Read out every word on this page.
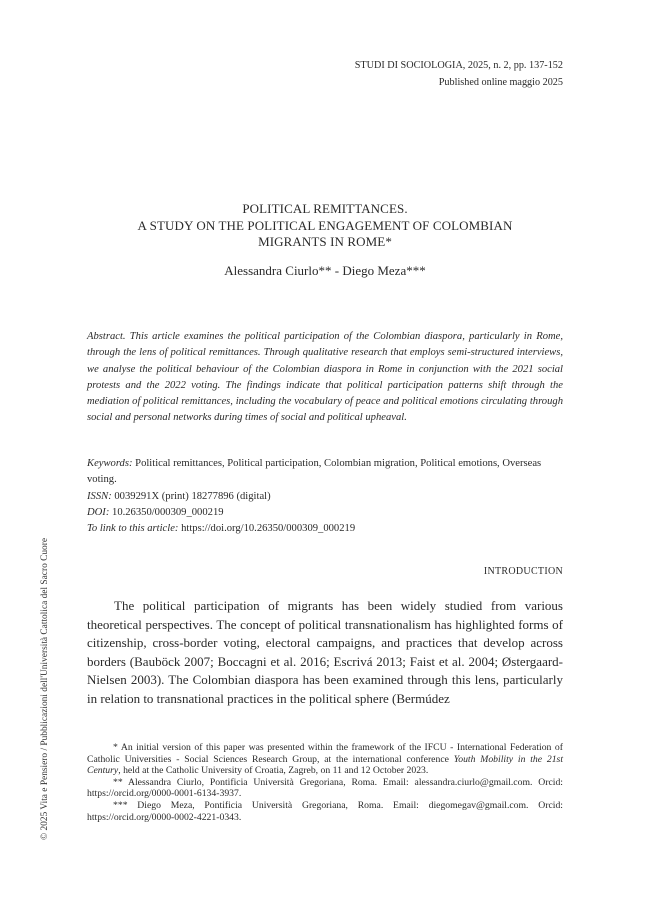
STUDI DI SOCIOLOGIA, 2025, n. 2, pp. 137-152
Published online maggio 2025
POLITICAL REMITTANCES.
A STUDY ON THE POLITICAL ENGAGEMENT OF COLOMBIAN
MIGRANTS IN ROME*
Alessandra Ciurlo** - Diego Meza***
Abstract. This article examines the political participation of the Colombian diaspora, particularly in Rome, through the lens of political remittances. Through qualitative research that employs semi-structured interviews, we analyse the political behaviour of the Colombian diaspora in Rome in conjunction with the 2021 social protests and the 2022 voting. The findings indicate that political participation patterns shift through the mediation of political remittances, including the vocabulary of peace and political emotions circulating through social and personal networks during times of social and political upheaval.
Keywords: Political remittances, Political participation, Colombian migration, Political emotions, Overseas voting.
ISSN: 0039291X (print) 18277896 (digital)
DOI: 10.26350/000309_000219
To link to this article: https://doi.org/10.26350/000309_000219
INTRODUCTION
The political participation of migrants has been widely studied from various theoretical perspectives. The concept of political transnationalism has highlighted forms of citizenship, cross-border voting, electoral campaigns, and practices that develop across borders (Bauböck 2007; Boccagni et al. 2016; Escrivá 2013; Faist et al. 2004; Østergaard-Nielsen 2003). The Colombian diaspora has been examined through this lens, particularly in relation to transnational practices in the political sphere (Bermúdez

* An initial version of this paper was presented within the framework of the IFCU - International Federation of Catholic Universities - Social Sciences Research Group, at the international conference Youth Mobility in the 21st Century, held at the Catholic University of Croatia, Zagreb, on 11 and 12 October 2023.

** Alessandra Ciurlo, Pontificia Università Gregoriana, Roma. Email: alessandra.ciurlo@gmail.com. Orcid: https://orcid.org/0000-0001-6134-3937.

*** Diego Meza, Pontificia Università Gregoriana, Roma. Email: diegomegav@gmail.com. Orcid: https://orcid.org/0000-0002-4221-0343.

© 2025 Vita e Pensiero / Pubblicazioni dell'Università Cattolica del Sacro Cuore
